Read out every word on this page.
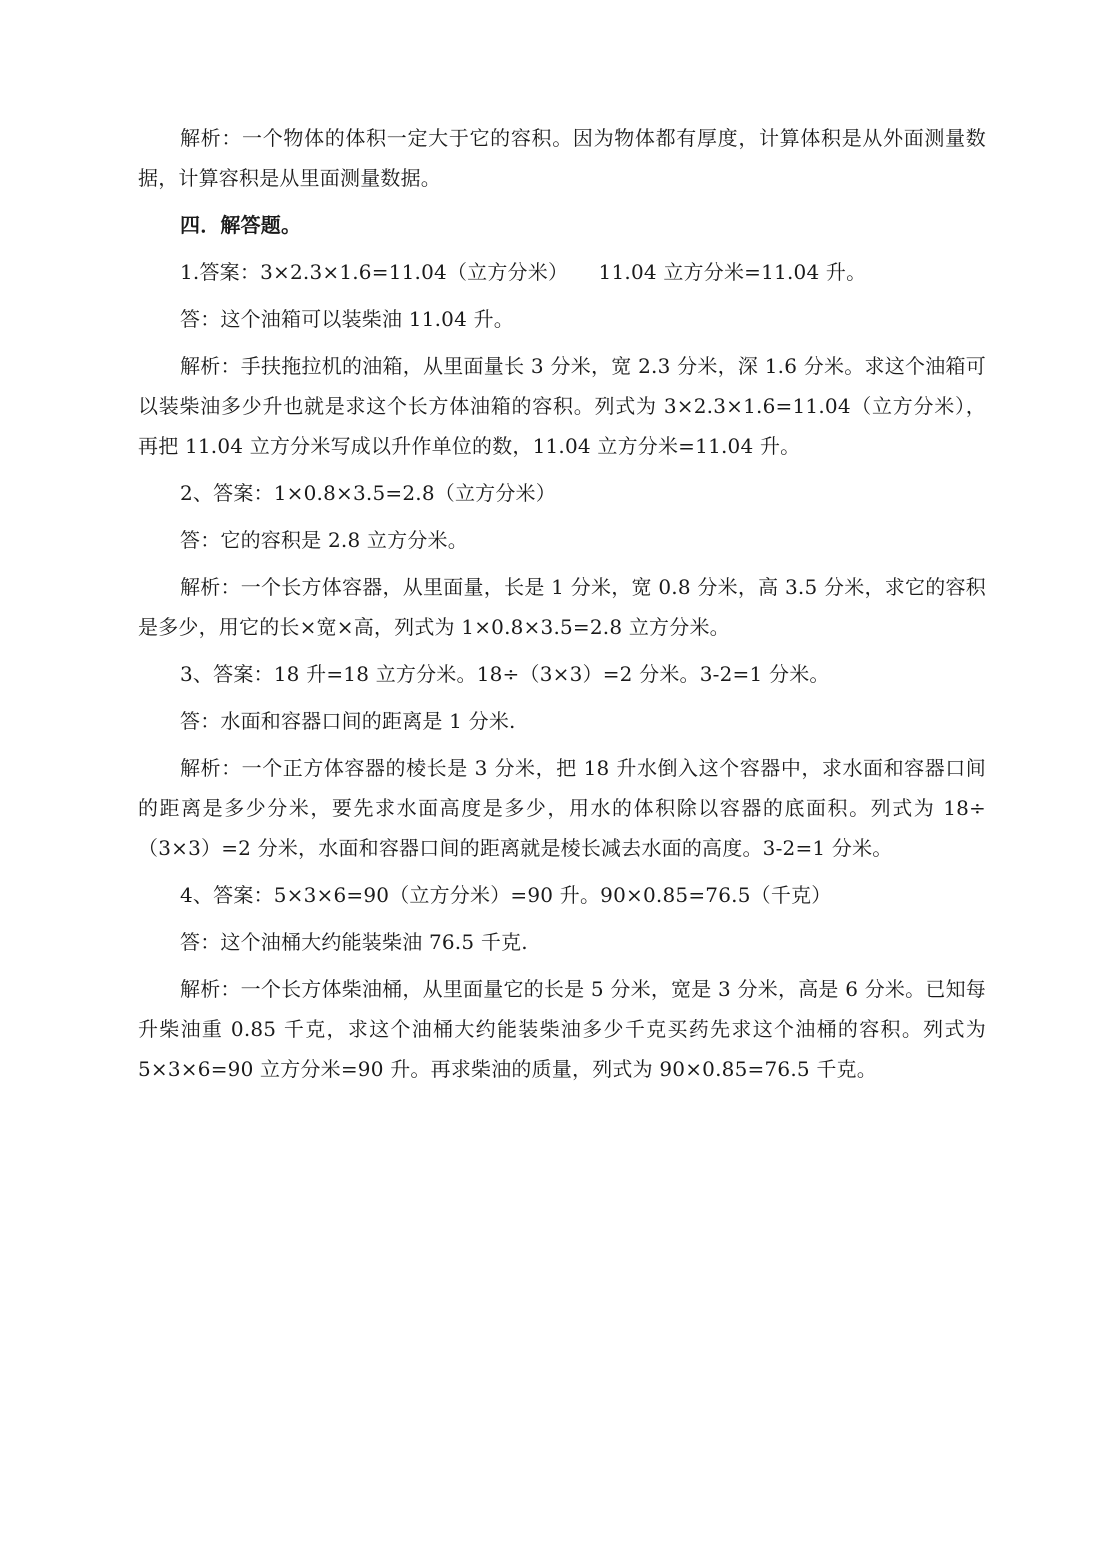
解析：一个物体的体积一定大于它的容积。因为物体都有厚度，计算体积是从外面测量数据，计算容积是从里面测量数据。

四．解答题。

1.答案：3×2.3×1.6=11.04（立方分米）　　11.04 立方分米=11.04 升。

答：这个油箱可以装柴油 11.04 升。

解析：手扶拖拉机的油箱，从里面量长 3 分米，宽 2.3 分米，深 1.6 分米。求这个油箱可以装柴油多少升也就是求这个长方体油箱的容积。列式为 3×2.3×1.6=11.04（立方分米），再把 11.04 立方分米写成以升作单位的数，11.04 立方分米=11.04 升。

2、答案：1×0.8×3.5=2.8（立方分米）

答：它的容积是 2.8 立方分米。

解析：一个长方体容器，从里面量，长是 1 分米，宽 0.8 分米，高 3.5 分米，求它的容积是多少，用它的长×宽×高，列式为 1×0.8×3.5=2.8 立方分米。

3、答案：18 升=18 立方分米。18÷（3×3）=2 分米。3-2=1 分米。

答：水面和容器口间的距离是 1 分米.

解析：一个正方体容器的棱长是 3 分米，把 18 升水倒入这个容器中，求水面和容器口间的距离是多少分米，要先求水面高度是多少，用水的体积除以容器的底面积。列式为 18÷（3×3）=2 分米，水面和容器口间的距离就是棱长减去水面的高度。3-2=1 分米。

4、答案：5×3×6=90（立方分米）=90 升。90×0.85=76.5（千克）

答：这个油桶大约能装柴油 76.5 千克.

解析：一个长方体柴油桶，从里面量它的长是 5 分米，宽是 3 分米，高是 6 分米。已知每升柴油重 0.85 千克，求这个油桶大约能装柴油多少千克买药先求这个油桶的容积。列式为 5×3×6=90 立方分米=90 升。再求柴油的质量，列式为 90×0.85=76.5 千克。
